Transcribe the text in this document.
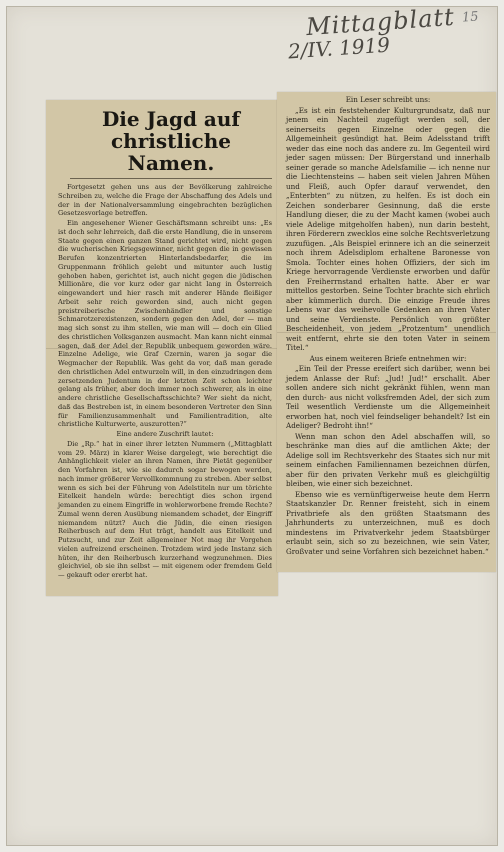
Mittagblatt 15
2/IV. 1919
Die Jagd auf christliche Namen.

Fortgesetzt gehen uns aus der Bevölkerung zahlreiche Schreiben zu, welche die Frage der Abschaffung des Adels und der in der Nationalversammlung eingebrachten bezüglichen Gesetzesvorlage betreffen.

Ein angesehener Wiener Geschäftsmann schreibt uns: „Es ist doch sehr lehrreich, daß die erste Handlung, die in unserem Staate gegen einen ganzen Stand gerichtet wird, nicht gegen die wucherischen Kriegsgewinner, nicht gegen die in gewissen Berufen konzentrierten Hinterlandsbedarfer, die im Gruppenmann fröhlich gelebt und mitunter auch lustig gehoben haben, gerichtet ist, auch nicht gegen die jüdischen Millionäre, die vor kurz oder gar nicht lang in Österreich eingewandert und hier rasch mit anderer Hände fleißiger Arbeit sehr reich geworden sind, auch nicht gegen preistreiberische Zwischenhändler und sonstige Schmarotzerexistenzen, sondern gegen den Adel, der — man mag sich sonst zu ihm stellen, wie man will — doch ein Glied des christlichen Volksganzen ausmacht. Man kann nicht einmal sagen, daß der Adel der Republik unbequem geworden wäre. Einzelne Adelige, wie Graf Czernin, waren ja sogar die Wegmacher der Republik. Was geht da vor, daß man gerade den christlichen Adel entwurzeln will, in den einzudringen dem zersetzenden Judentum in der letzten Zeit schon leichter gelang als früher, aber doch immer noch schwerer, als in eine andere christliche Gesellschaftsschichte? Wer sieht da nicht, daß das Bestreben ist, in einem besonderen Vertreter den Sinn für Familienzusammenhalt und Familientradition, alte christliche Kulturwerte, auszurotten?“

Eine andere Zuschrift lautet:

Die „Rp.“ hat in einer ihrer letzten Nummern („Mittagblatt vom 29. März) in klarer Weise dargelegt, wie berechtigt die Anhänglichkeit vieler an ihren Namen, ihre Pietät gegenüber den Vorfahren ist, wie sie dadurch sogar bewogen werden, nach immer größerer Vervollkommnung zu streben. Aber selbst wenn es sich bei der Führung von Adelstiteln nur um törichte Eitelkeit handeln würde: berechtigt dies schon irgend jemanden zu einem Eingriffe in wohlerworbene fremde Rechte? Zumal wenn deren Ausübung niemandem schadet, der Eingriff niemandem nützt? Auch die Jüdin, die einen riesigen Reiherbusch auf dem Hut trägt, handelt aus Eitelkeit und Putzsucht, und zur Zeit allgemeiner Not mag ihr Vorgehen vielen aufreizend erscheinen. Trotzdem wird jede Instanz sich hüten, ihr den Reiherbusch kurzerhand wegzunehmen. Dies gleichviel, ob sie ihn selbst — mit eigenem oder fremdem Geld — gekauft oder ererbt hat.

Ein Leser schreibt uns:

„Es ist ein feststehender Kulturgrundsatz, daß nur jenem ein Nachteil zugefügt werden soll, der seinerseits gegen Einzelne oder gegen die Allgemeinheit gesündigt hat. Beim Adelsstand trifft weder das eine noch das andere zu. Im Gegenteil wird jeder sagen müssen: Der Bürgerstand und innerhalb seiner gerade so manche Adelsfamilie — ich nenne nur die Liechtensteins — haben seit vielen Jahren Mühen und Fleiß, auch Opfer darauf verwendet, den „Enterbten“ zu nützen, zu helfen. Es ist doch ein Zeichen sonderbarer Gesinnung, daß die erste Handlung dieser, die zu der Macht kamen (wobei auch viele Adelige mitgeholfen haben), nun darin besteht, ihren Förderern zwecklos eine solche Rechtsverletzung zuzufügen. „Als Beispiel erinnere ich an die seinerzeit noch ihrem Adelsdiplom erhaltene Baronesse von Smola. Tochter eines hohen Offiziers, der sich im Kriege hervorragende Verdienste erworben und dafür den Freiherrnstand erhalten hatte. Aber er war mittellos gestorben. Seine Tochter brachte sich ehrlich aber kümmerlich durch. Die einzige Freude ihres Lebens war das weihevolle Gedenken an ihren Vater und seine Verdienste. Persönlich von größter Bescheidenheit, von jedem „Protzentum“ unendlich weit entfernt, ehrte sie den toten Vater in seinem Titel.“

Aus einem weiteren Briefe entnehmen wir:

„Ein Teil der Presse ereifert sich darüber, wenn bei jedem Anlasse der Ruf: „Jud! Jud!“ erschallt. Aber sollen andere sich nicht gekränkt fühlen, wenn man den durch- aus nicht volksfremden Adel, der sich zum Teil wesentlich Verdienste um die Allgemeinheit erworben hat, noch viel feindseliger behandelt? Ist ein Adeliger? Bedroht ihn!“

Wenn man schon den Adel abschaffen will, so beschränke man dies auf die amtlichen Akte; der Adelige soll im Rechtsverkehr des Staates sich nur mit seinem einfachen Familiennamen bezeichnen dürfen, aber für den privaten Verkehr muß es gleichgültig bleiben, wie einer sich bezeichnet.

Ebenso wie es vernünftigerweise heute dem Herrn Staatskanzler Dr. Renner freisteht, sich in einem Privatbriefe als den größten Staatsmann des Jahrhunderts zu unterzeichnen, muß es doch mindestens im Privatverkehr jedem Staatsbürger erlaubt sein, sich so zu bezeichnen, wie sein Vater, Großvater und seine Vorfahren sich bezeichnet haben.“
